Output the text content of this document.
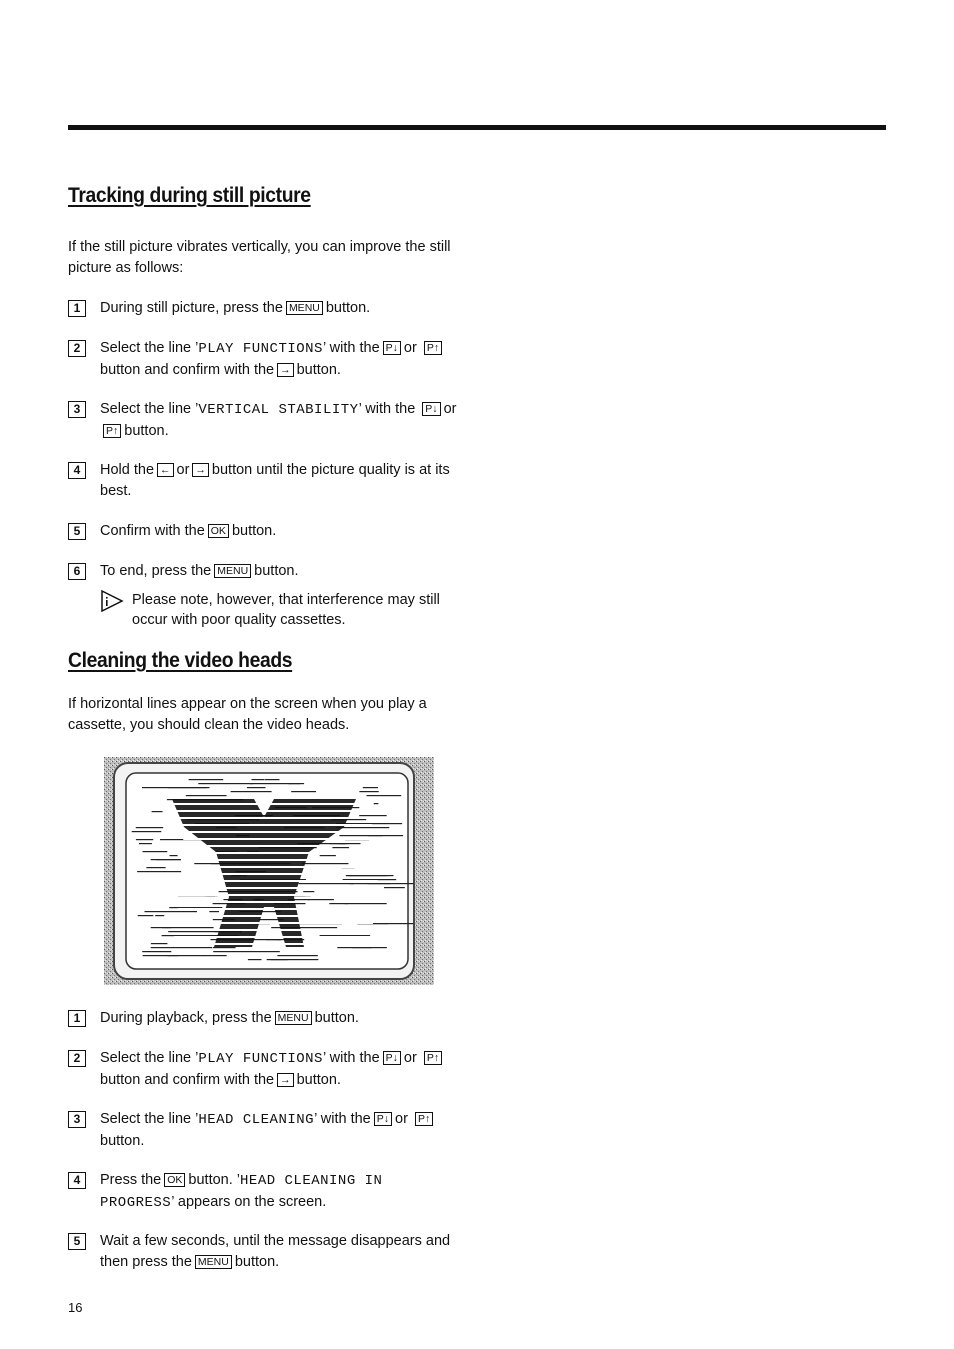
Tracking during still picture

If the still picture vibrates vertically, you can improve the still picture as follows:

1	During still picture, press the MENU button.

2	Select the line ’PLAY FUNCTIONS’ with the P↓ or P↑button and confirm with the → button.

3	Select the line ’VERTICAL STABILITY’ with the P↓ orP↑ button.

4	Hold the ← or → button until the picture quality is at its best.

5	Confirm with the OK button.

6	To end, press the MENU button.

Please note, however, that interference may still occur with poor quality cassettes.

Cleaning the video heads

If horizontal lines appear on the screen when you play a cassette, you should clean the video heads.

1	During playback, press the MENU button.

2	Select the line ’PLAY FUNCTIONS’ with the P↓ or P↑button and confirm with the → button.

3	Select the line ’HEAD CLEANING’ with the P↓ or P↑button.

4	Press the OK button. ’HEAD CLEANING IN PROGRESS’ appears on the screen.

5	Wait a few seconds, until the message disappears and then press the MENU button.

16
